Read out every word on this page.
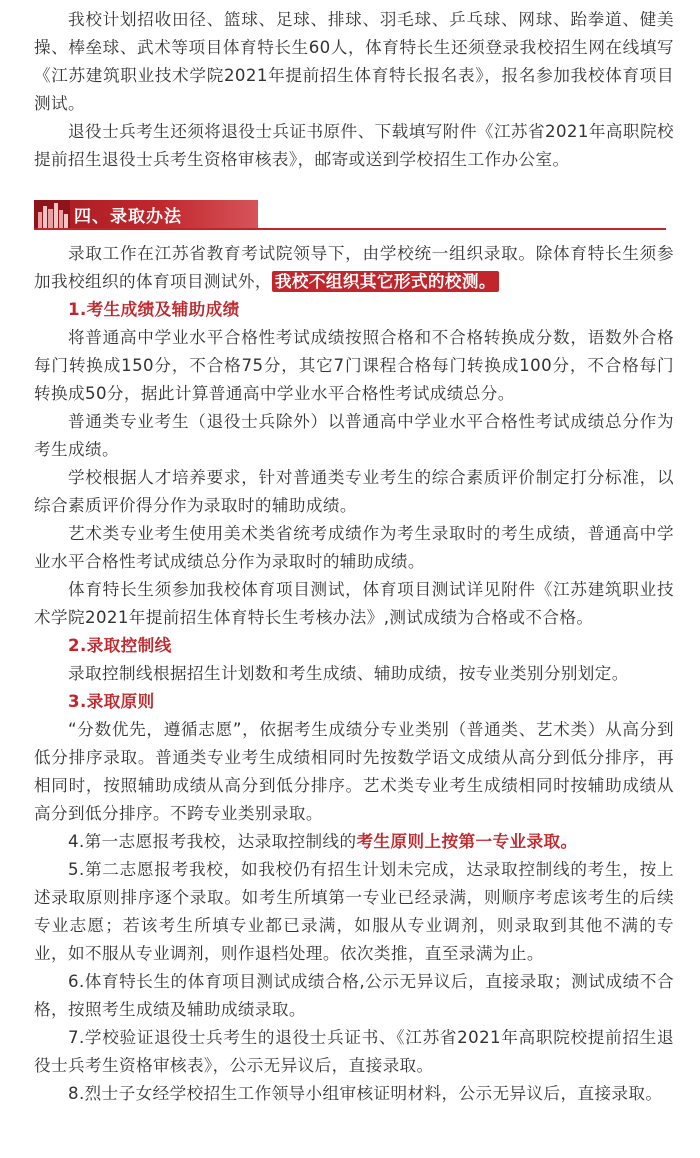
我校计划招收田径、篮球、足球、排球、羽毛球、乒乓球、网球、跆拳道、健美操、棒垒球、武术等项目体育特长生60人，体育特长生还须登录我校招生网在线填写《江苏建筑职业技术学院2021年提前招生体育特长报名表》，报名参加我校体育项目测试。

退役士兵考生还须将退役士兵证书原件、下载填写附件《江苏省2021年高职院校提前招生退役士兵考生资格审核表》，邮寄或送到学校招生工作办公室。

四、录取办法

录取工作在江苏省教育考试院领导下，由学校统一组织录取。除体育特长生须参加我校组织的体育项目测试外， 我校不组织其它形式的校测。

1.考生成绩及辅助成绩

将普通高中学业水平合格性考试成绩按照合格和不合格转换成分数，语数外合格每门转换成150分，不合格75分，其它7门课程合格每门转换成100分，不合格每门转换成50分，据此计算普通高中学业水平合格性考试成绩总分。

普通类专业考生（退役士兵除外）以普通高中学业水平合格性考试成绩总分作为考生成绩。

学校根据人才培养要求，针对普通类专业考生的综合素质评价制定打分标准，以综合素质评价得分作为录取时的辅助成绩。

艺术类专业考生使用美术类省统考成绩作为考生录取时的考生成绩，普通高中学业水平合格性考试成绩总分作为录取时的辅助成绩。

体育特长生须参加我校体育项目测试，体育项目测试详见附件《江苏建筑职业技术学院2021年提前招生体育特长生考核办法》,测试成绩为合格或不合格。

2.录取控制线

录取控制线根据招生计划数和考生成绩、辅助成绩，按专业类别分别划定。

3.录取原则

“分数优先，遵循志愿”，依据考生成绩分专业类别（普通类、艺术类）从高分到低分排序录取。普通类专业考生成绩相同时先按数学语文成绩从高分到低分排序，再相同时，按照辅助成绩从高分到低分排序。艺术类专业考生成绩相同时按辅助成绩从高分到低分排序。不跨专业类别录取。

4.第一志愿报考我校，达录取控制线的考生原则上按第一专业录取。

5.第二志愿报考我校，如我校仍有招生计划未完成，达录取控制线的考生，按上述录取原则排序逐个录取。如考生所填第一专业已经录满，则顺序考虑该考生的后续专业志愿；若该考生所填专业都已录满，如服从专业调剂，则录取到其他不满的专业，如不服从专业调剂，则作退档处理。依次类推，直至录满为止。

6.体育特长生的体育项目测试成绩合格,公示无异议后，直接录取；测试成绩不合格，按照考生成绩及辅助成绩录取。

7.学校验证退役士兵考生的退役士兵证书、《江苏省2021年高职院校提前招生退役士兵考生资格审核表》，公示无异议后，直接录取。

8.烈士子女经学校招生工作领导小组审核证明材料，公示无异议后，直接录取。
